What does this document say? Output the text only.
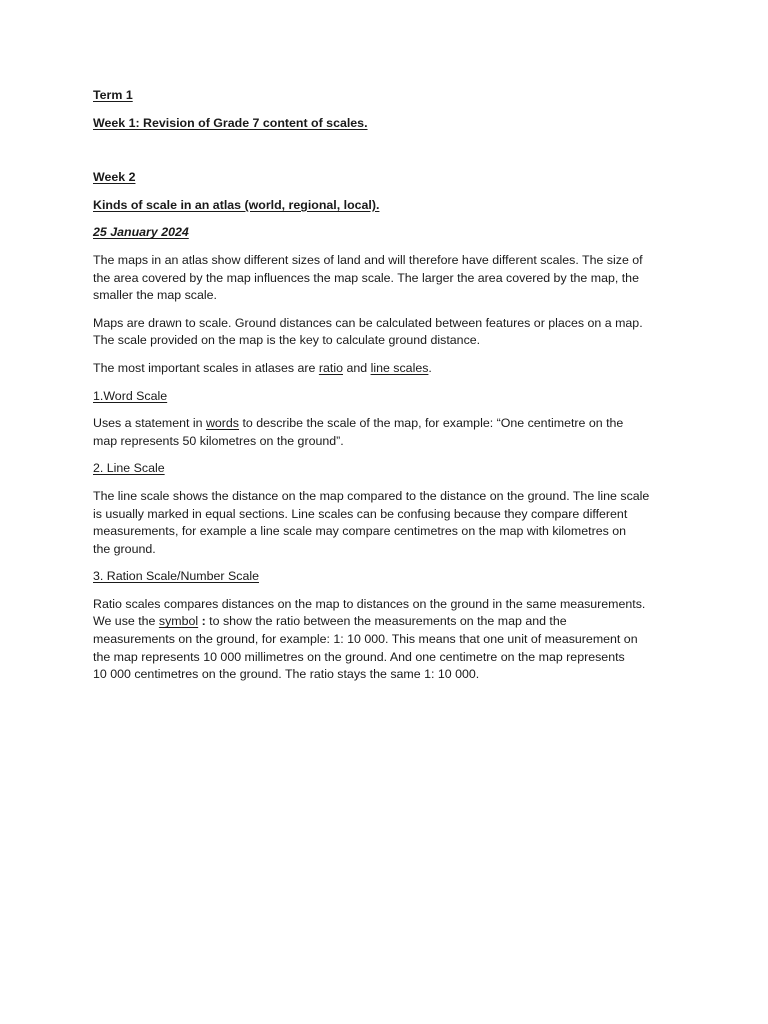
Term 1
Week 1: Revision of Grade 7 content of scales.
Week 2
Kinds of scale in an atlas (world, regional, local).
25 January 2024
The maps in an atlas show different sizes of land and will therefore have different scales. The size of
the area covered by the map influences the map scale. The larger the area covered by the map, the
smaller the map scale.
Maps are drawn to scale. Ground distances can be calculated between features or places on a map.
The scale provided on the map is the key to calculate ground distance.
The most important scales in atlases are ratio and line scales.
1.Word Scale
Uses a statement in words to describe the scale of the map, for example: “One centimetre on the
map represents 50 kilometres on the ground”.
2. Line Scale
The line scale shows the distance on the map compared to the distance on the ground. The line scale
is usually marked in equal sections. Line scales can be confusing because they compare different
measurements, for example a line scale may compare centimetres on the map with kilometres on
the ground.
3. Ration Scale/Number Scale
Ratio scales compares distances on the map to distances on the ground in the same measurements.
We use the symbol : to show the ratio between the measurements on the map and the
measurements on the ground, for example: 1: 10 000. This means that one unit of measurement on
the map represents 10 000 millimetres on the ground. And one centimetre on the map represents
10 000 centimetres on the ground. The ratio stays the same 1: 10 000.
